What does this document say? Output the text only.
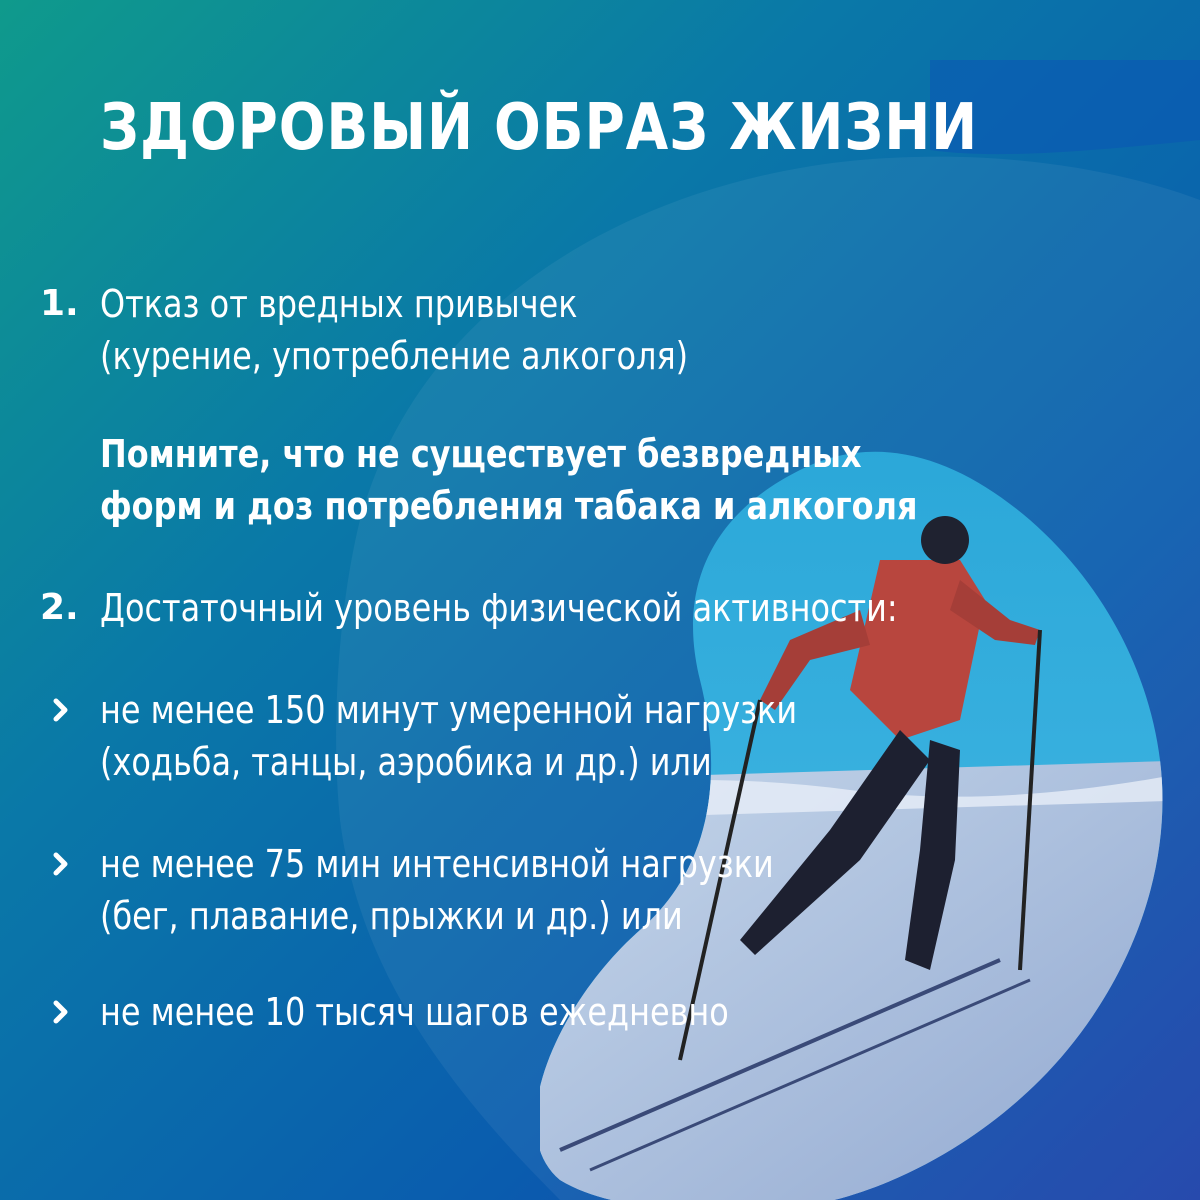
ЗДОРОВЫЙ ОБРАЗ ЖИЗНИ
1. Отказ от вредных привычек
(курение, употребление алкоголя)
Помните, что не существует безвредных
форм и доз потребления табака и алкоголя
2. Достаточный уровень физической активности:
не менее 150 минут умеренной нагрузки
(ходьба, танцы, аэробика и др.) или
не менее 75 мин интенсивной нагрузки
(бег, плавание, прыжки и др.) или
не менее 10 тысяч шагов ежедневно
